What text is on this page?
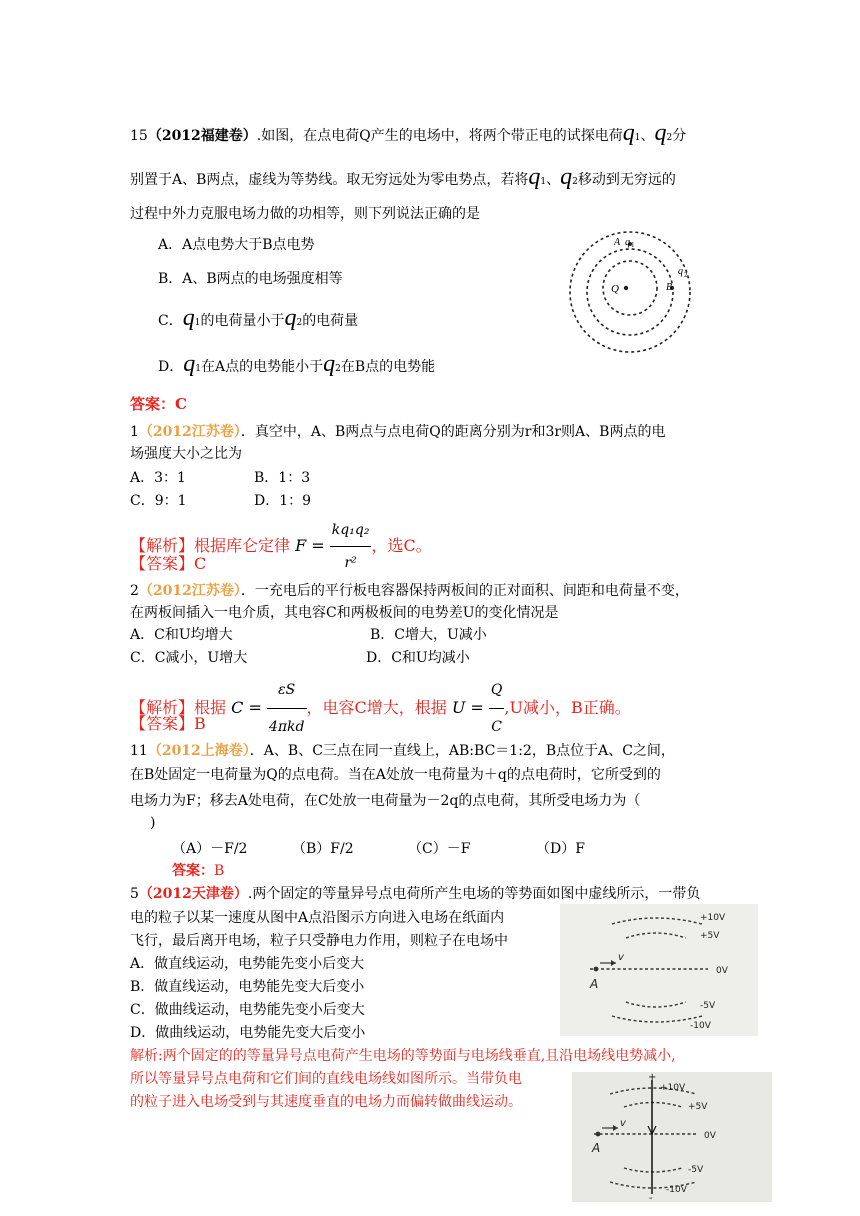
15（2012福建卷）.如图，在点电荷Q产生的电场中，将两个带正电的试探电荷q1、q2分
别置于A、B两点，虚线为等势线。取无穷远处为零电势点，若将q1、q2移动到无穷远的
过程中外力克服电场力做的功相等，则下列说法正确的是
A．A点电势大于B点电势
B．A、B两点的电场强度相等
C．q1的电荷量小于q2的电荷量
D．q1在A点的电势能小于q2在B点的电势能
A q 1
Q
q 2
B
答案：C
1（2012江苏卷）．真空中，A、B两点与点电荷Q的距离分别为r和3r则A、B两点的电
场强度大小之比为
A．3：1	B．1：3
C．9：1	D．1：9
【解析】根据库仑定律 $F = \frac{\text{kq₁q₂}}{\text{r²}}$ ，选C。
【答案】C
2（2012江苏卷）．一充电后的平行板电容器保持两板间的正对面积、间距和电荷量不变，
在两板间插入一电介质，其电容C和两极板间的电势差U的变化情况是
A．C和U均增大	B．C增大，U减小
C．C减小，U增大	D．C和U均减小
【解析】根据 $C = \frac{\varepsilon S}{\text{4πkd}}$ ，电容C增大，根据 $U = \frac{Q}{C} ,U$减小，B正确。
【答案】B
11（2012上海卷）．A、B、C三点在同一直线上，AB:BC＝1:2，B点位于A、C之间，
在B处固定一电荷量为Q的点电荷。当在A处放一电荷量为＋q的点电荷时，它所受到的
电场力为F；移去A处电荷，在C处放一电荷量为－2q的点电荷，其所受电场力为（
)
（A）－F/2	（B）F/2	（C）－F	（D）F
答案：B
5（2012天津卷）.两个固定的等量异号点电荷所产生电场的等势面如图中虚线所示，一带负
电的粒子以某一速度从图中A点沿图示方向进入电场在纸面内
飞行，最后离开电场，粒子只受静电力作用，则粒子在电场中
A．做直线运动，电势能先变小后变大
B．做直线运动，电势能先变大后变小
C．做曲线运动，电势能先变小后变大
D．做曲线运动，电势能先变大后变小
解析:两个固定的的等量异号点电荷产生电场的等势面与电场线垂直,且沿电场线电势减小,
所以等量异号点电荷和它们间的直线电场线如图所示。当带负电
的粒子进入电场受到与其速度垂直的电场力而偏转做曲线运动。
v
A
+10V
+5V
0V
-5V
-10V
v
A
+
-
+10V
+5V
0V
-5V
-10V
